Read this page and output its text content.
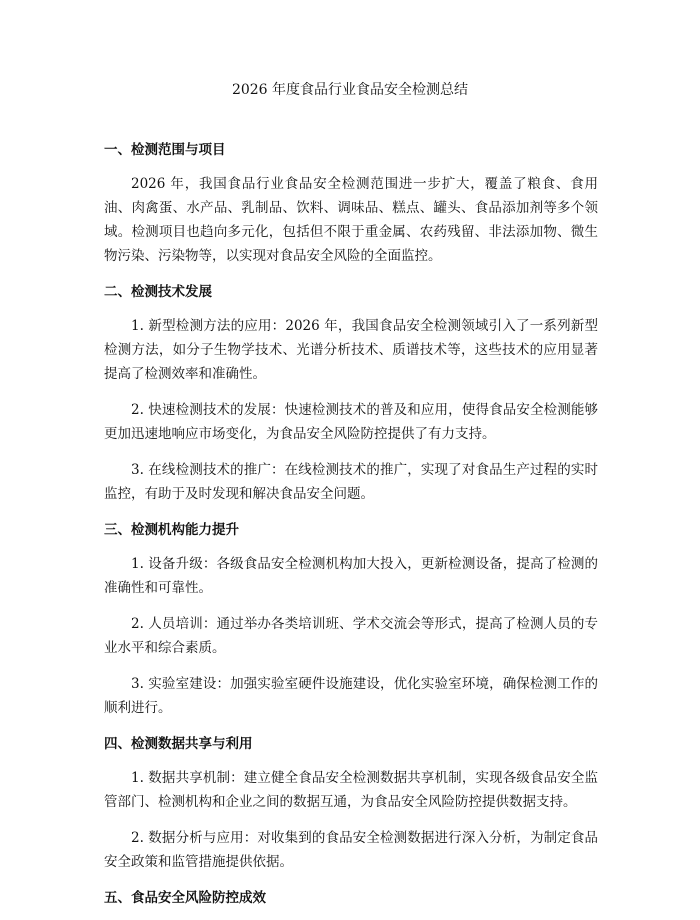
2026 年度食品行业食品安全检测总结
一、检测范围与项目

2026 年，我国食品行业食品安全检测范围进一步扩大，覆盖了粮食、食用油、肉禽蛋、水产品、乳制品、饮料、调味品、糕点、罐头、食品添加剂等多个领域。检测项目也趋向多元化，包括但不限于重金属、农药残留、非法添加物、微生物污染、污染物等，以实现对食品安全风险的全面监控。

二、检测技术发展

1. 新型检测方法的应用：2026 年，我国食品安全检测领域引入了一系列新型检测方法，如分子生物学技术、光谱分析技术、质谱技术等，这些技术的应用显著提高了检测效率和准确性。

2. 快速检测技术的发展：快速检测技术的普及和应用，使得食品安全检测能够更加迅速地响应市场变化，为食品安全风险防控提供了有力支持。

3. 在线检测技术的推广：在线检测技术的推广，实现了对食品生产过程的实时监控，有助于及时发现和解决食品安全问题。

三、检测机构能力提升

1. 设备升级：各级食品安全检测机构加大投入，更新检测设备，提高了检测的准确性和可靠性。

2. 人员培训：通过举办各类培训班、学术交流会等形式，提高了检测人员的专业水平和综合素质。

3. 实验室建设：加强实验室硬件设施建设，优化实验室环境，确保检测工作的顺利进行。

四、检测数据共享与利用

1. 数据共享机制：建立健全食品安全检测数据共享机制，实现各级食品安全监管部门、检测机构和企业之间的数据互通，为食品安全风险防控提供数据支持。

2. 数据分析与应用：对收集到的食品安全检测数据进行深入分析，为制定食品安全政策和监管措施提供依据。

五、食品安全风险防控成效
